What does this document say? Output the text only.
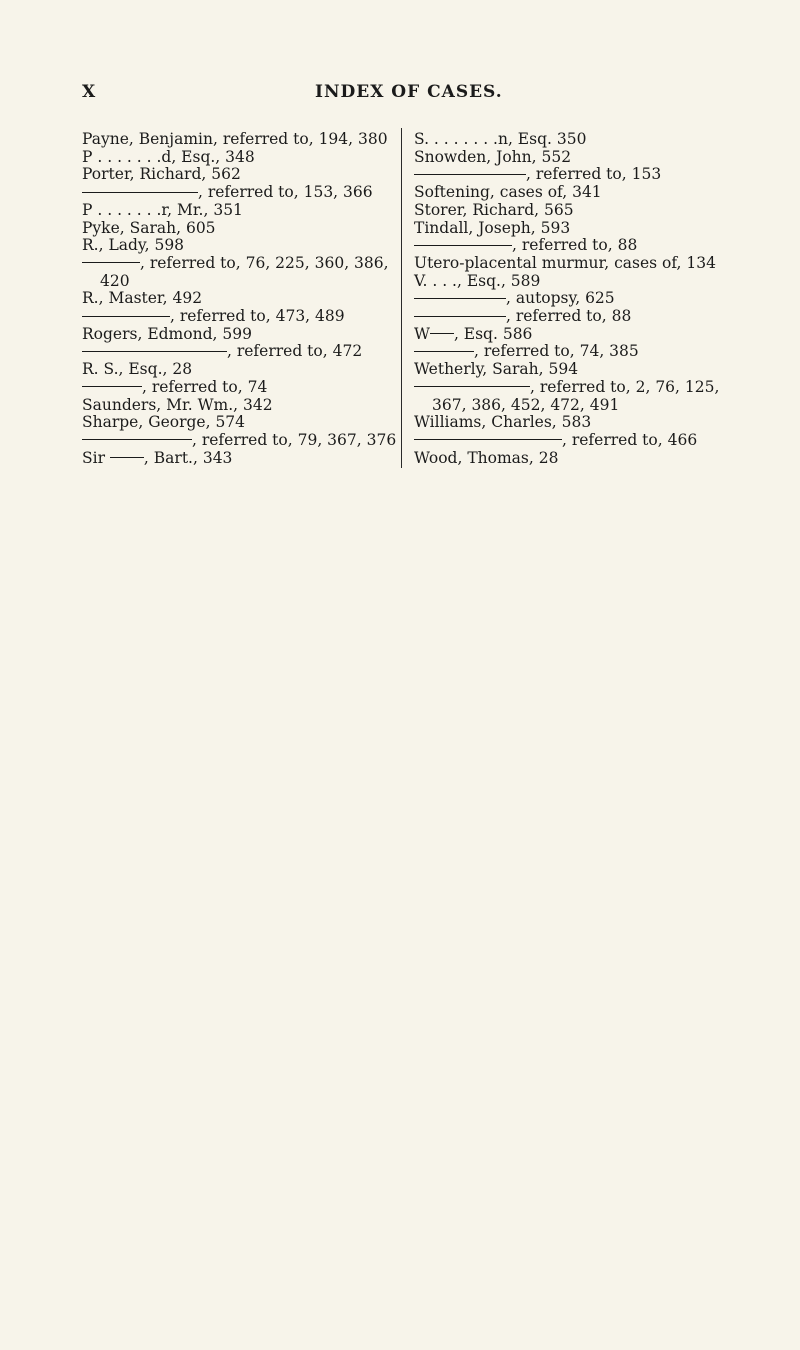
X	INDEX OF CASES.
Payne, Benjamin, referred to, 194, 380
P . . . . . . .d, Esq., 348
Porter, Richard, 562
, referred to, 153, 366
P . . . . . . .r, Mr., 351
Pyke, Sarah, 605
R., Lady, 598
, referred to, 76, 225, 360, 386,
420
R., Master, 492
, referred to, 473, 489
Rogers, Edmond, 599
, referred to, 472
R. S., Esq., 28
, referred to, 74
Saunders, Mr. Wm., 342
Sharpe, George, 574
, referred to, 79, 367, 376
Sir , Bart., 343
S. . . . . . . .n, Esq. 350
Snowden, John, 552
, referred to, 153
Softening, cases of, 341
Storer, Richard, 565
Tindall, Joseph, 593
, referred to, 88
Utero-placental murmur, cases of, 134
V. . . ., Esq., 589
, autopsy, 625
, referred to, 88
W , Esq. 586
, referred to, 74, 385
Wetherly, Sarah, 594
, referred to, 2, 76, 125,
367, 386, 452, 472, 491
Williams, Charles, 583
, referred to, 466
Wood, Thomas, 28
